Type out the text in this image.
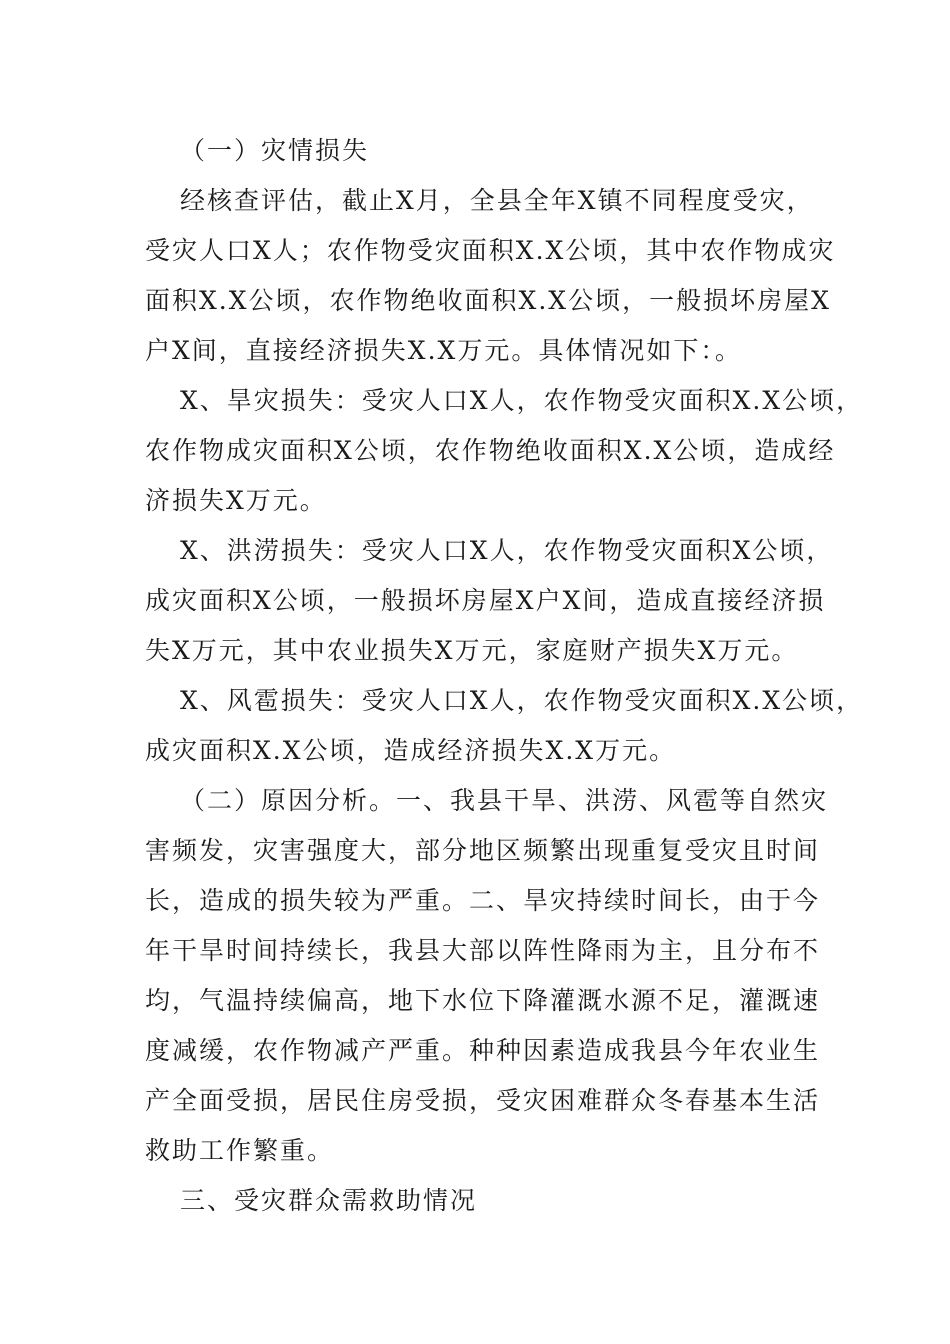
（一）灾情损失
经核查评估，截止X月，全县全年X镇不同程度受灾，
受灾人口X人；农作物受灾面积X.X公顷，其中农作物成灾
面积X.X公顷，农作物绝收面积X.X公顷，一般损坏房屋X
户X间，直接经济损失X.X万元。具体情况如下：。
X、旱灾损失：受灾人口X人，农作物受灾面积X.X公顷，
农作物成灾面积X公顷，农作物绝收面积X.X公顷，造成经
济损失X万元。
X、洪涝损失：受灾人口X人，农作物受灾面积X公顷，
成灾面积X公顷，一般损坏房屋X户X间，造成直接经济损
失X万元，其中农业损失X万元，家庭财产损失X万元。
X、风雹损失：受灾人口X人，农作物受灾面积X.X公顷，
成灾面积X.X公顷，造成经济损失X.X万元。
（二）原因分析。一、我县干旱、洪涝、风雹等自然灾
害频发，灾害强度大，部分地区频繁出现重复受灾且时间
长，造成的损失较为严重。二、旱灾持续时间长，由于今
年干旱时间持续长，我县大部以阵性降雨为主，且分布不
均，气温持续偏高，地下水位下降灌溉水源不足，灌溉速
度减缓，农作物减产严重。种种因素造成我县今年农业生
产全面受损，居民住房受损，受灾困难群众冬春基本生活
救助工作繁重。
三、受灾群众需救助情况
